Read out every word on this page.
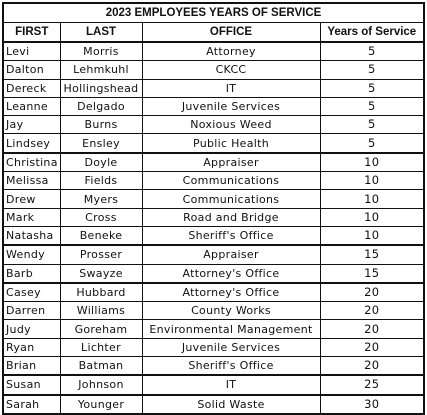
2023 EMPLOYEES YEARS OF SERVICE			
FIRST	LAST	OFFICE	Years of Service
Levi	Morris	Attorney	5
Dalton	Lehmkuhl	CKCC	5
Dereck	Hollingshead	IT	5
Leanne	Delgado	Juvenile Services	5
Jay	Burns	Noxious Weed	5
Lindsey	Ensley	Public Health	5
Christina	Doyle	Appraiser	10
Melissa	Fields	Communications	10
Drew	Myers	Communications	10
Mark	Cross	Road and Bridge	10
Natasha	Beneke	Sheriff's Office	10
Wendy	Prosser	Appraiser	15
Barb	Swayze	Attorney's Office	15
Casey	Hubbard	Attorney's Office	20
Darren	Williams	County Works	20
Judy	Goreham	Environmental Management	20
Ryan	Lichter	Juvenile Services	20
Brian	Batman	Sheriff's Office	20
Susan	Johnson	IT	25
Sarah	Younger	Solid Waste	30
